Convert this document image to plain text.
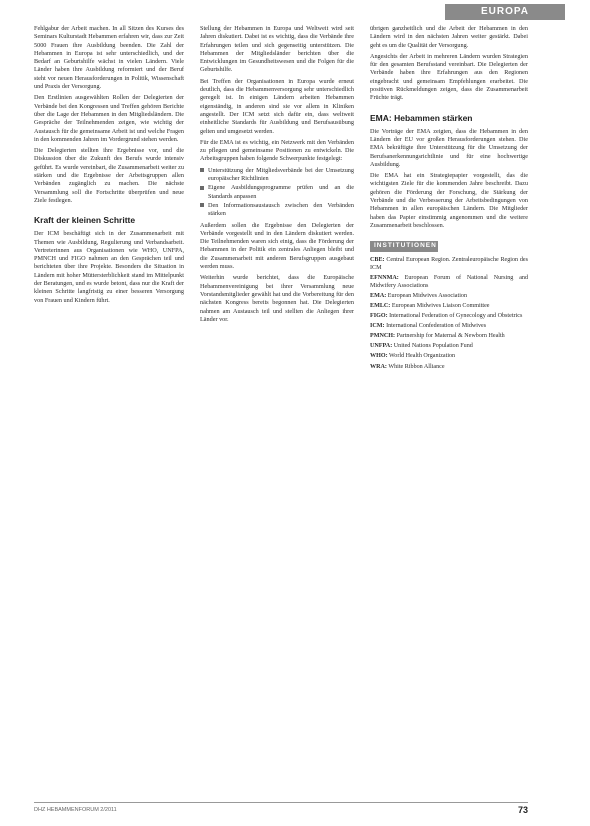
EUROPA

Fehlgabur der Arbeit machen. In all Sitzen des Kurses des Seminars Kulturstadt Hebammen erfahren wir, dass zur Zeit 5000 Frauen ihre Ausbildung beenden. Die Zahl der Hebammen in Europa ist sehr unterschiedlich, und der Bedarf an Geburtshilfe wächst in vielen Ländern. Viele Länder haben ihre Ausbildung reformiert und der Beruf steht vor neuen Herausforderungen in Politik, Wissenschaft und Praxis der Versorgung.

Den Erstlinien ausgewählten Rollen der Delegierten der Verbände bei den Kongressen und Treffen gehören Berichte über die Lage der Hebammen in den Mitgliedsländern. Die Gespräche der Teilnehmenden zeigen, wie wichtig der Austausch für die gemeinsame Arbeit ist und welche Fragen in den kommenden Jahren im Vordergrund stehen werden.

Die Delegierten stellten ihre Ergebnisse vor, und die Diskussion über die Zukunft des Berufs wurde intensiv geführt. Es wurde vereinbart, die Zusammenarbeit weiter zu stärken und die Ergebnisse der Arbeitsgruppen allen Verbänden zugänglich zu machen. Die nächste Versammlung soll die Fortschritte überprüfen und neue Ziele festlegen.

Kraft der kleinen Schritte

Der ICM beschäftigt sich in der Zusammenarbeit mit Themen wie Ausbildung, Regulierung und Verbandsarbeit. Vertreterinnen aus Organisationen wie WHO, UNFPA, PMNCH und FIGO nahmen an den Gesprächen teil und berichteten über ihre Projekte. Besonders die Situation in Ländern mit hoher Müttersterblichkeit stand im Mittelpunkt der Beratungen, und es wurde betont, dass nur die Kraft der kleinen Schritte langfristig zu einer besseren Versorgung von Frauen und Kindern führt.

Stellung der Hebammen in Europa und Weltweit wird seit Jahren diskutiert. Dabei ist es wichtig, dass die Verbände ihre Erfahrungen teilen und sich gegenseitig unterstützen. Die Hebammen der Mitgliedsländer berichten über die Entwicklungen im Gesundheitswesen und die Folgen für die Geburtshilfe.

Bei Treffen der Organisationen in Europa wurde erneut deutlich, dass die Hebammenversorgung sehr unterschiedlich geregelt ist. In einigen Ländern arbeiten Hebammen eigenständig, in anderen sind sie vor allem in Kliniken angestellt. Der ICM setzt sich dafür ein, dass weltweit einheitliche Standards für Ausbildung und Berufsausübung gelten und umgesetzt werden.

Für die EMA ist es wichtig, ein Netzwerk mit den Verbänden zu pflegen und gemeinsame Positionen zu entwickeln. Die Arbeitsgruppen haben folgende Schwerpunkte festgelegt:

Unterstützung der Mitgliedsverbände bei der Umsetzung europäischer Richtlinien
Eigene Ausbildungsprogramme prüfen und an die Standards anpassen
Den Informationsaustausch zwischen den Verbänden stärken

Außerdem sollen die Ergebnisse den Delegierten der Verbände vorgestellt und in den Ländern diskutiert werden. Die Teilnehmenden waren sich einig, dass die Förderung der Hebammen in der Politik ein zentrales Anliegen bleibt und die Zusammenarbeit mit anderen Berufsgruppen ausgebaut werden muss.

Weiterhin wurde berichtet, dass die Europäische Hebammenvereinigung bei ihrer Versammlung neue Vorstandsmitglieder gewählt hat und die Vorbereitung für den nächsten Kongress bereits begonnen hat. Die Delegierten nahmen am Austausch teil und stellten die Anliegen ihrer Länder vor.

übrigen ganzheitlich und die Arbeit der Hebammen in den Ländern wird in den nächsten Jahren weiter gestärkt. Dabei geht es um die Qualität der Versorgung.

Angesichts der Arbeit in mehreren Ländern wurden Strategien für den gesamten Berufsstand vereinbart. Die Delegierten der Verbände haben ihre Erfahrungen aus den Regionen eingebracht und gemeinsam Empfehlungen erarbeitet. Die positiven Rückmeldungen zeigen, dass die Zusammenarbeit Früchte trägt.

EMA: Hebammen stärken

Die Vorträge der EMA zeigten, dass die Hebammen in den Ländern der EU vor großen Herausforderungen stehen. Die EMA bekräftigte ihre Unterstützung für die Umsetzung der Berufsanerkennungsrichtlinie und für eine hochwertige Ausbildung.

Die EMA hat ein Strategiepapier vorgestellt, das die wichtigsten Ziele für die kommenden Jahre beschreibt. Dazu gehören die Förderung der Forschung, die Stärkung der Verbände und die Verbesserung der Arbeitsbedingungen von Hebammen in allen europäischen Ländern. Die Mitglieder haben das Papier einstimmig angenommen und die weitere Zusammenarbeit beschlossen.

INSTITUTIONEN
CBE: Central European Region. Zentraleuropäische Region des ICM
EFNNMA: European Forum of National Nursing and Midwifery Associations
EMA: European Midwives Association
EMLC: European Midwives Liaison Committee
FIGO: International Federation of Gynecology and Obstetrics
ICM: International Confederation of Midwives
PMNCH: Partnership for Maternal & Newborn Health
UNFPA: United Nations Population Fund
WHO: World Health Organization
WRA: White Ribbon Alliance
DHZ HEBAMMENFORUM 2/2011	73
